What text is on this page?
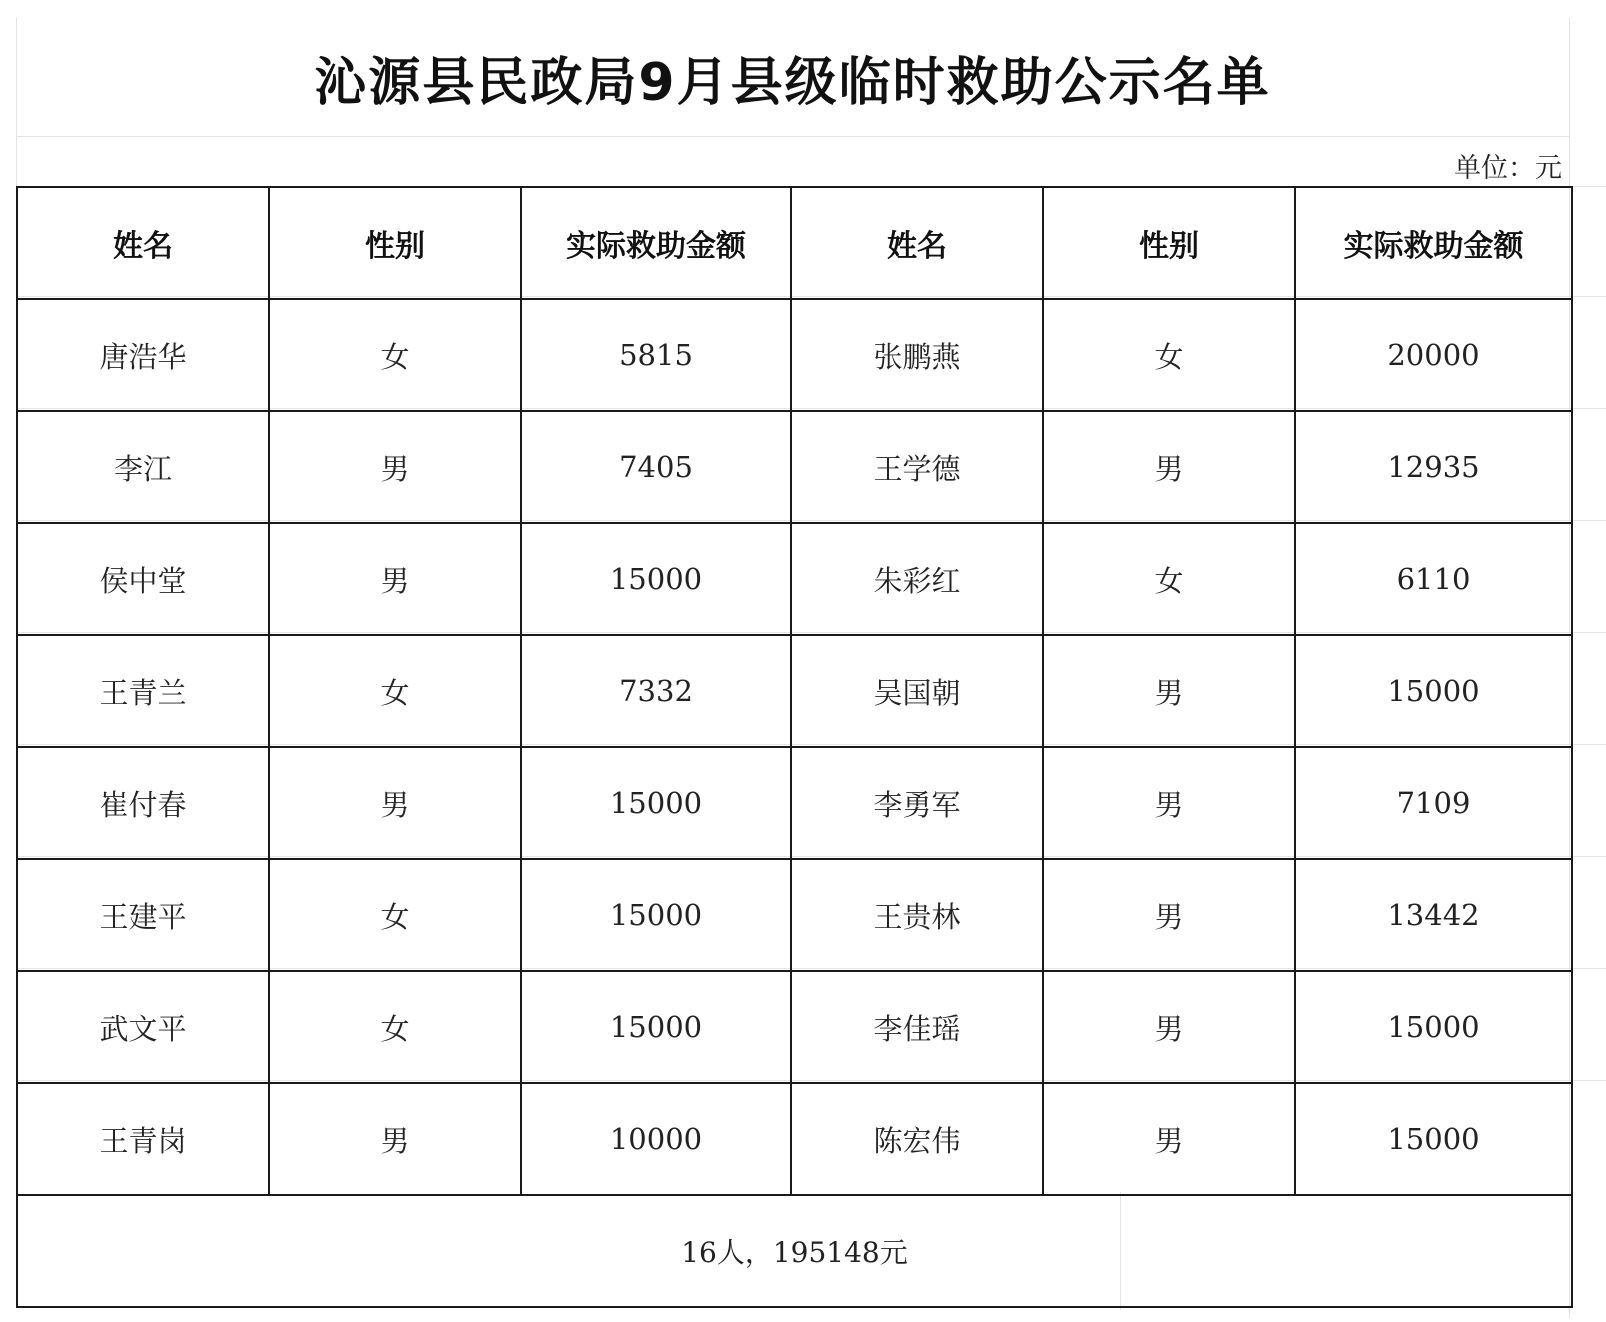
沁源县民政局9月县级临时救助公示名单
单位：元
姓名	性别	实际救助金额	姓名	性别	实际救助金额
唐浩华	女	5815	张鹏燕	女	20000
李江	男	7405	王学德	男	12935
侯中堂	男	15000	朱彩红	女	6110
王青兰	女	7332	吴国朝	男	15000
崔付春	男	15000	李勇军	男	7109
王建平	女	15000	王贵林	男	13442
武文平	女	15000	李佳瑶	男	15000
王青岗	男	10000	陈宏伟	男	15000
16人，195148元					
